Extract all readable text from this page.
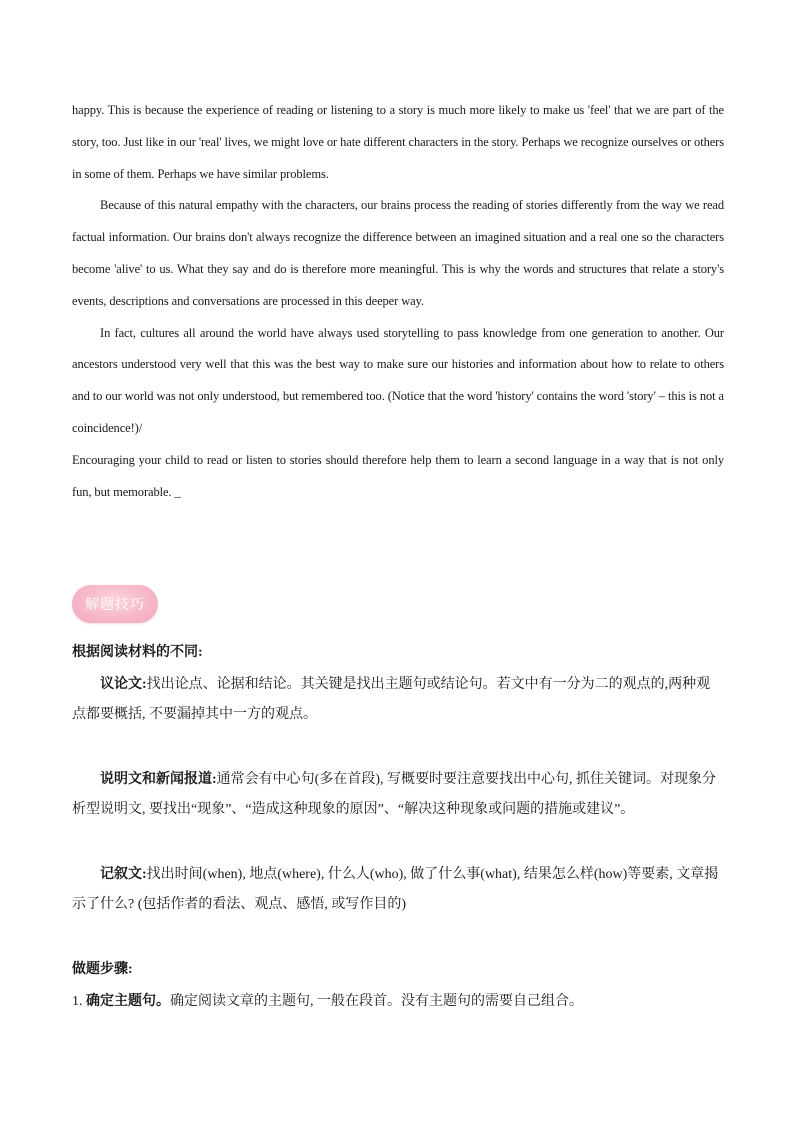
happy. This is because the experience of reading or listening to a story is much more likely to make us 'feel' that we are part of the story, too. Just like in our 'real' lives, we might love or hate different characters in the story. Perhaps we recognize ourselves or others in some of them. Perhaps we have similar problems.

Because of this natural empathy with the characters, our brains process the reading of stories differently from the way we read factual information. Our brains don't always recognize the difference between an imagined situation and a real one so the characters become 'alive' to us. What they say and do is therefore more meaningful. This is why the words and structures that relate a story's events, descriptions and conversations are processed in this deeper way.

In fact, cultures all around the world have always used storytelling to pass knowledge from one generation to another. Our ancestors understood very well that this was the best way to make sure our histories and information about how to relate to others and to our world was not only understood, but remembered too. (Notice that the word 'history' contains the word 'story' – this is not a coincidence!)/

Encouraging your child to read or listen to stories should therefore help them to learn a second language in a way that is not only fun, but memorable. _

解题技巧

根据阅读材料的不同:

议论文:找出论点、论据和结论。其关键是找出主题句或结论句。若文中有一分为二的观点的,两种观点都要概括, 不要漏掉其中一方的观点。

说明文和新闻报道:通常会有中心句(多在首段), 写概要时要注意要找出中心句, 抓住关键词。对现象分析型说明文, 要找出“现象”、“造成这种现象的原因”、“解决这种现象或问题的措施或建议”。

记叙文:找出时间(when), 地点(where), 什么人(who), 做了什么事(what), 结果怎么样(how)等要素, 文章揭示了什么? (包括作者的看法、观点、感悟, 或写作目的)

做题步骤:

1. 确定主题句。确定阅读文章的主题句, 一般在段首。没有主题句的需要自己组合。
